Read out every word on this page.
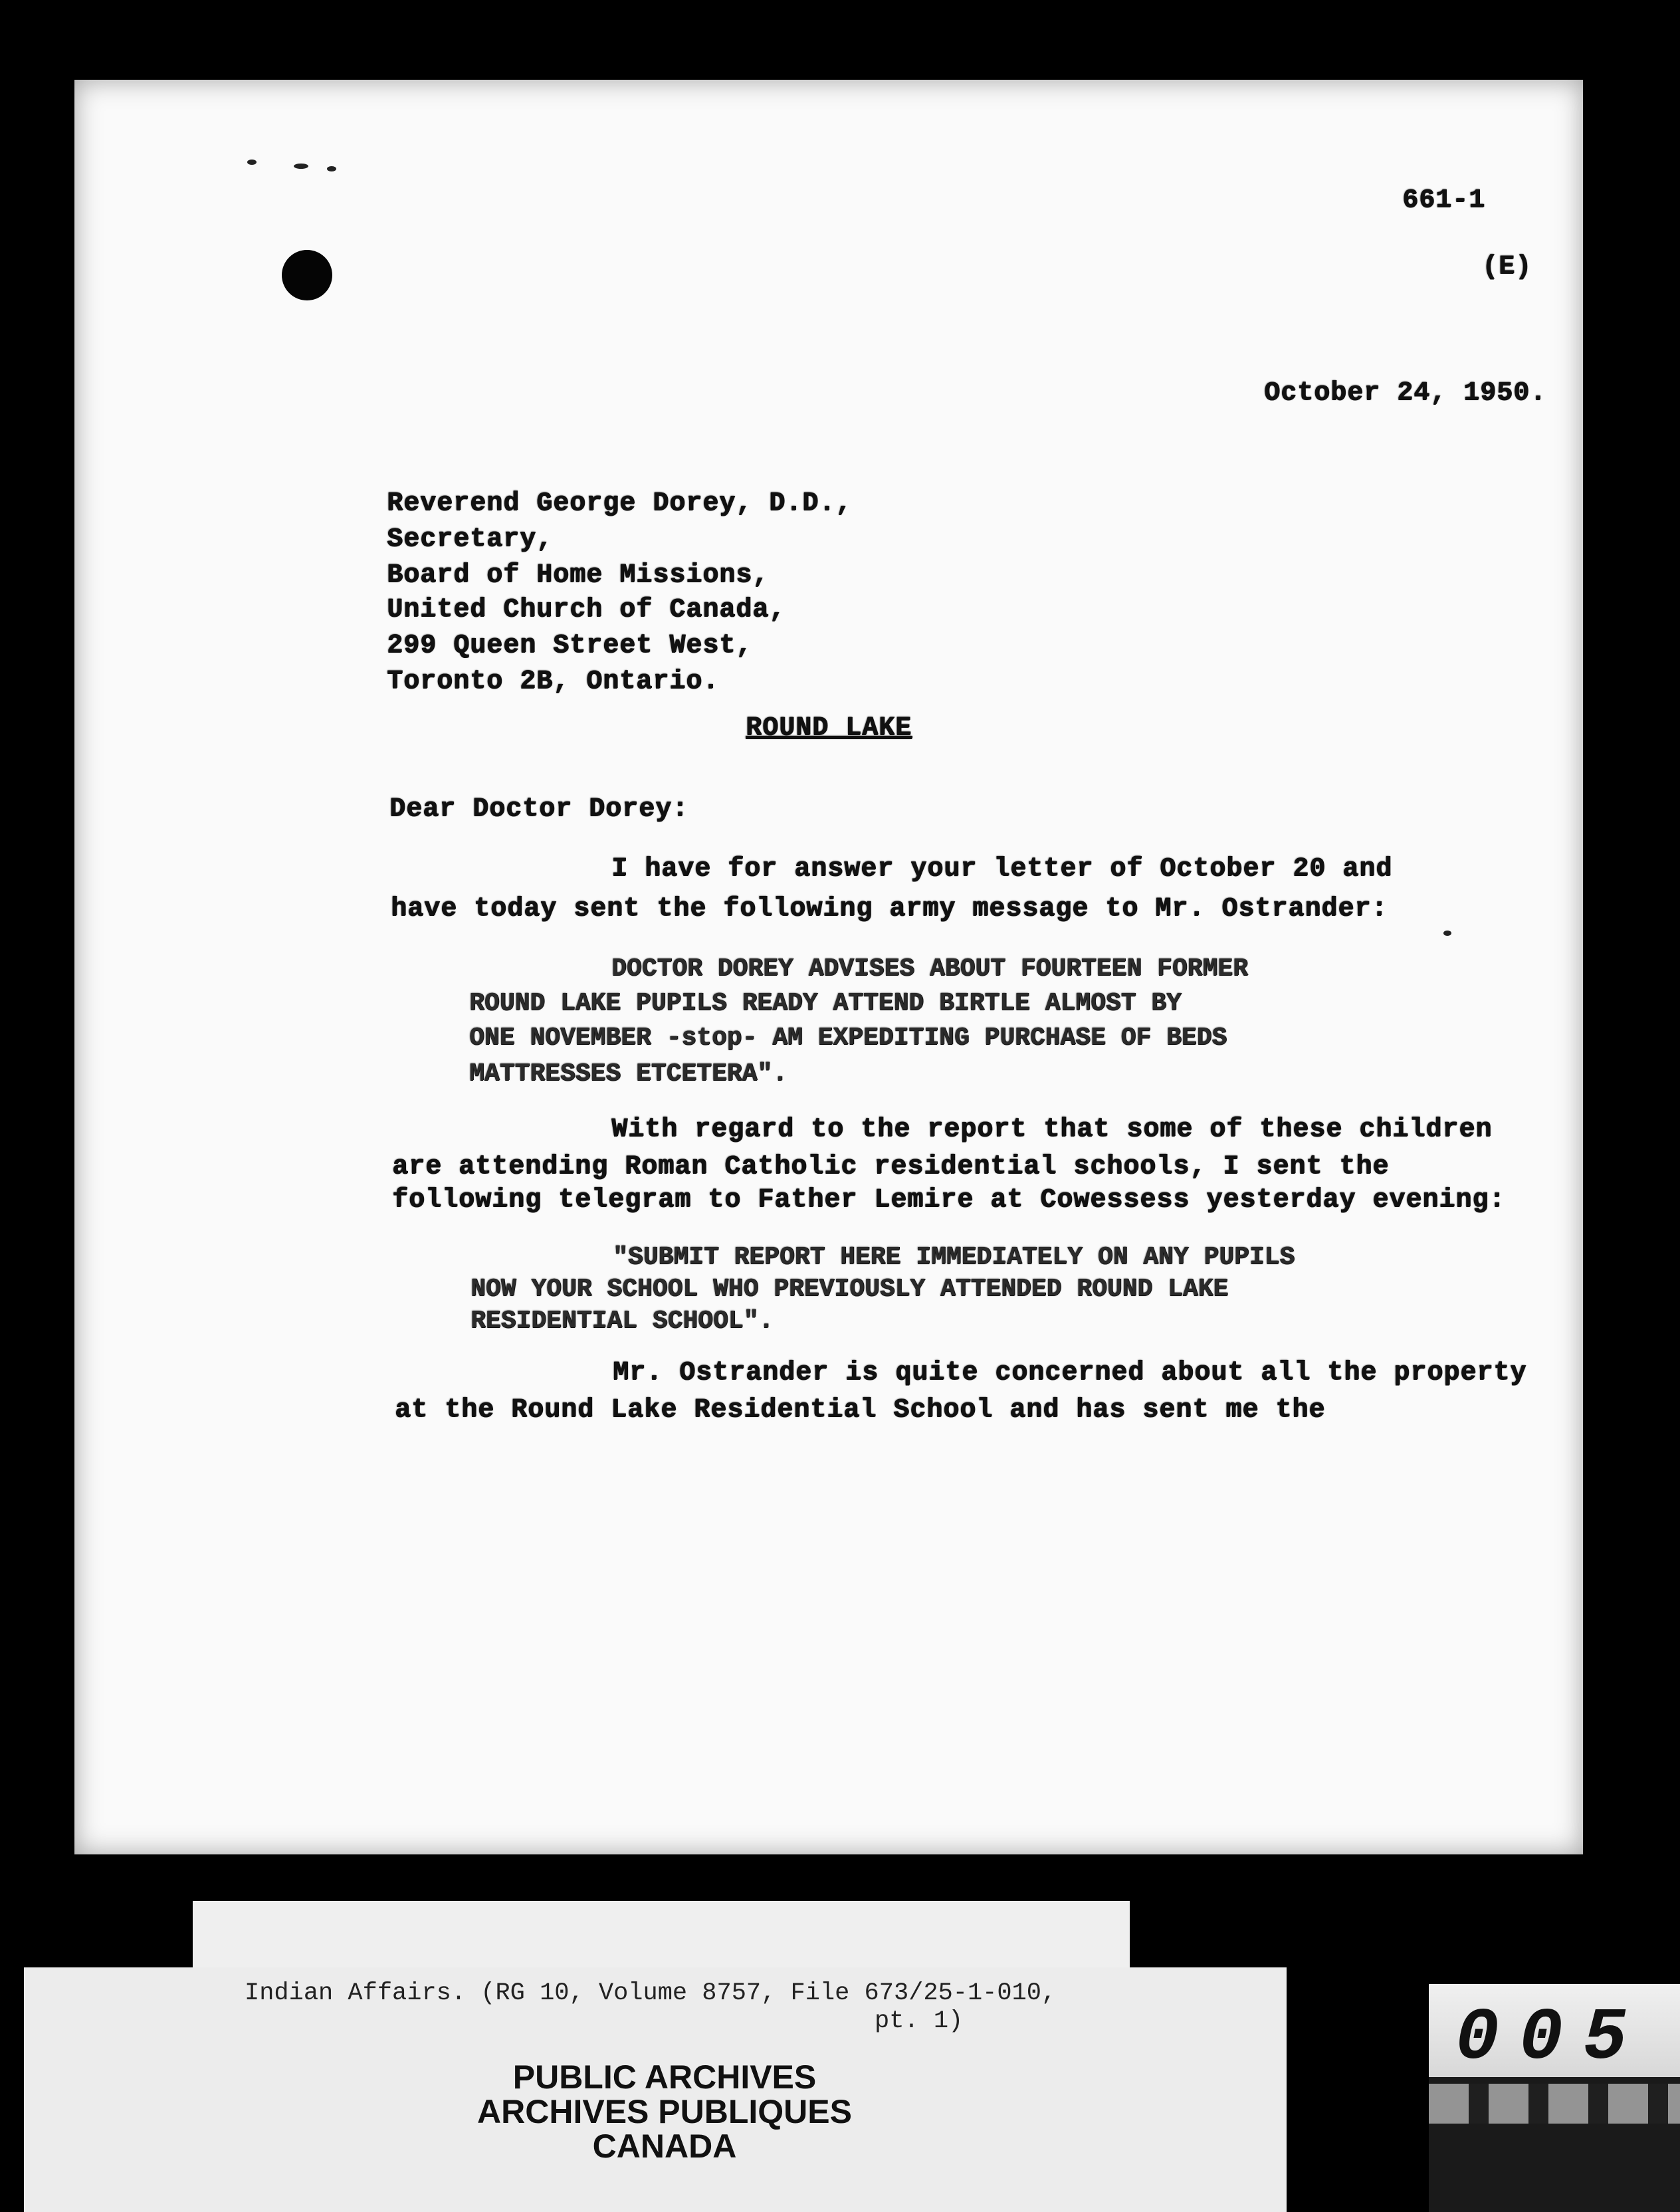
661-1
(E)
October 24, 1950.
Reverend George Dorey, D.D.,
Secretary,
Board of Home Missions,
United Church of Canada,
299 Queen Street West,
Toronto 2B, Ontario.
ROUND LAKE
Dear Doctor Dorey:
I have for answer your letter of October 20 and
have today sent the following army message to Mr. Ostrander:
DOCTOR DOREY ADVISES ABOUT FOURTEEN FORMER
ROUND LAKE PUPILS READY ATTEND BIRTLE ALMOST BY
ONE NOVEMBER -stop- AM EXPEDITING PURCHASE OF BEDS
MATTRESSES ETCETERA".
With regard to the report that some of these children
are attending Roman Catholic residential schools, I sent the
following telegram to Father Lemire at Cowessess yesterday evening:
"SUBMIT REPORT HERE IMMEDIATELY ON ANY PUPILS
NOW YOUR SCHOOL WHO PREVIOUSLY ATTENDED ROUND LAKE
RESIDENTIAL SCHOOL".
Mr. Ostrander is quite concerned about all the property
at the Round Lake Residential School and has sent me the
Indian Affairs. (RG 10, Volume 8757, File 673/25-1-010,
pt. 1)
PUBLIC ARCHIVES
ARCHIVES PUBLIQUES
CANADA
005
